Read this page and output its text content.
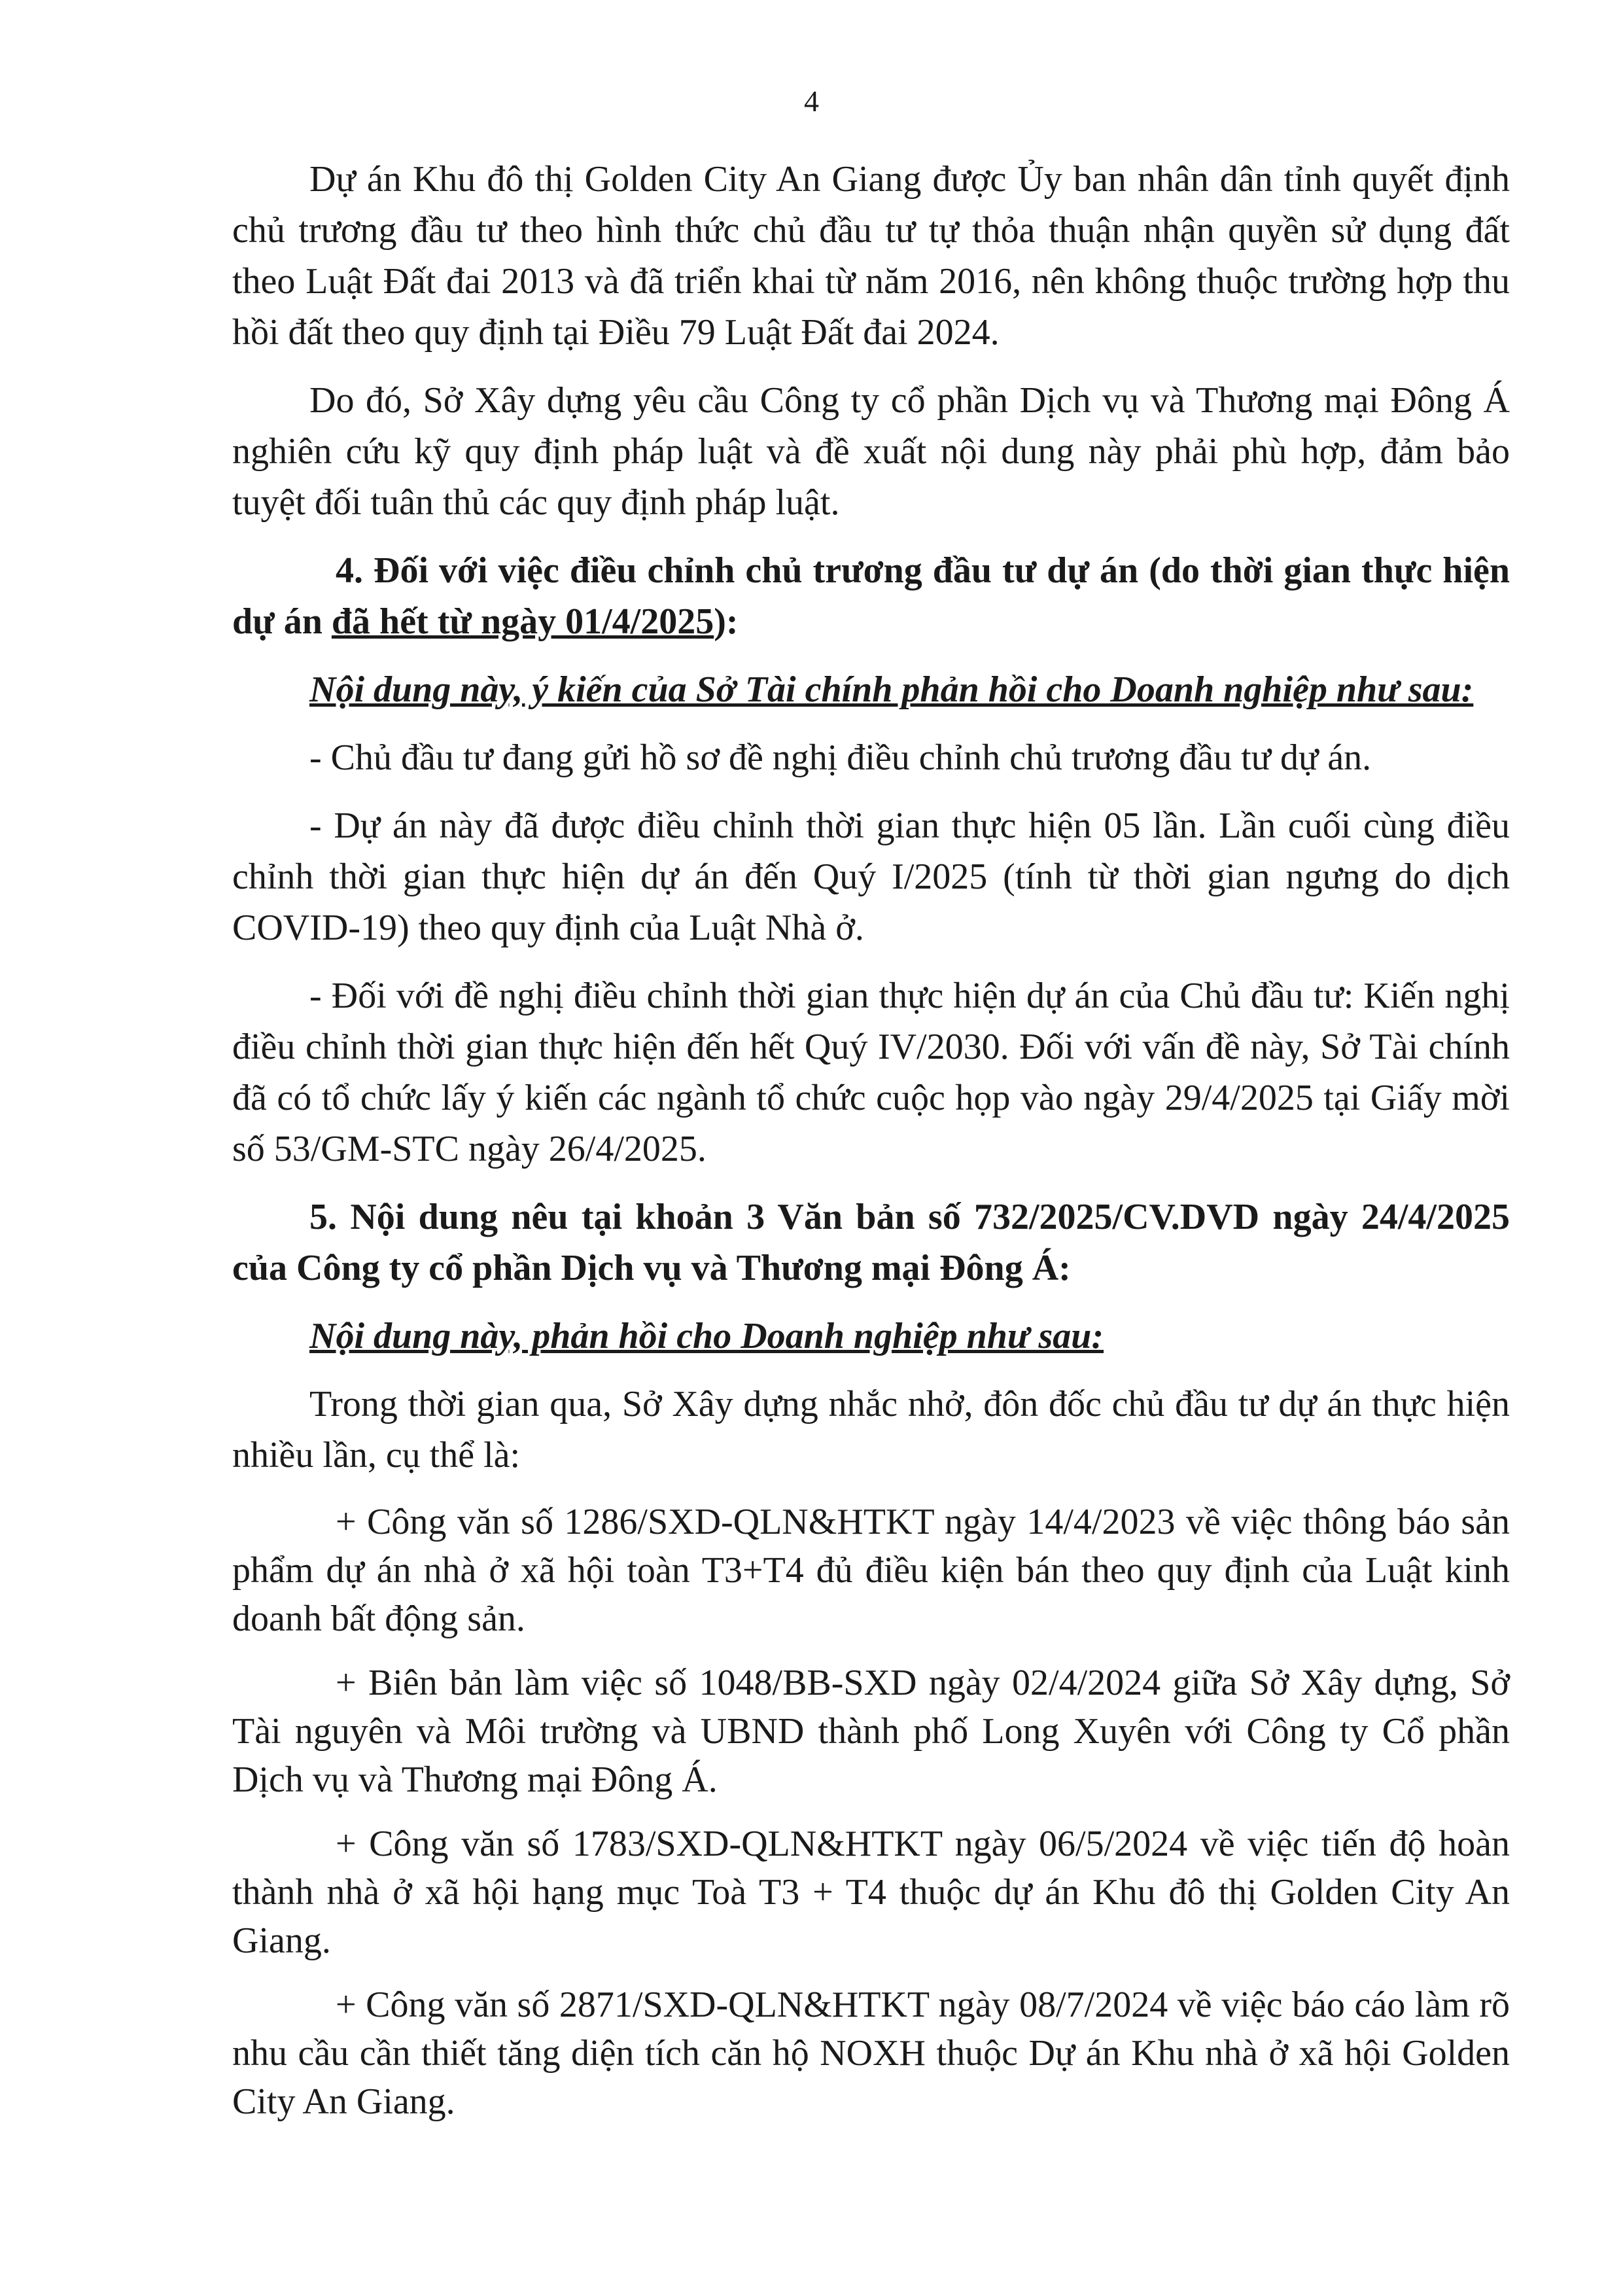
4

Dự án Khu đô thị Golden City An Giang được Ủy ban nhân dân tỉnh quyết định chủ trương đầu tư theo hình thức chủ đầu tư tự thỏa thuận nhận quyền sử dụng đất theo Luật Đất đai 2013 và đã triển khai từ năm 2016, nên không thuộc trường hợp thu hồi đất theo quy định tại Điều 79 Luật Đất đai 2024.

Do đó, Sở Xây dựng yêu cầu Công ty cổ phần Dịch vụ và Thương mại Đông Á nghiên cứu kỹ quy định pháp luật và đề xuất nội dung này phải phù hợp, đảm bảo tuyệt đối tuân thủ các quy định pháp luật.

4. Đối với việc điều chỉnh chủ trương đầu tư dự án (do thời gian thực hiện dự án đã hết từ ngày 01/4/2025):

Nội dung này, ý kiến của Sở Tài chính phản hồi cho Doanh nghiệp như sau:

- Chủ đầu tư đang gửi hồ sơ đề nghị điều chỉnh chủ trương đầu tư dự án.

- Dự án này đã được điều chỉnh thời gian thực hiện 05 lần. Lần cuối cùng điều chỉnh thời gian thực hiện dự án đến Quý I/2025 (tính từ thời gian ngưng do dịch COVID-19) theo quy định của Luật Nhà ở.

- Đối với đề nghị điều chỉnh thời gian thực hiện dự án của Chủ đầu tư: Kiến nghị điều chỉnh thời gian thực hiện đến hết Quý IV/2030. Đối với vấn đề này, Sở Tài chính đã có tổ chức lấy ý kiến các ngành tổ chức cuộc họp vào ngày 29/4/2025 tại Giấy mời số 53/GM-STC ngày 26/4/2025.

5. Nội dung nêu tại khoản 3 Văn bản số 732/2025/CV.DVD ngày 24/4/2025 của Công ty cổ phần Dịch vụ và Thương mại Đông Á:

Nội dung này, phản hồi cho Doanh nghiệp như sau:

Trong thời gian qua, Sở Xây dựng nhắc nhở, đôn đốc chủ đầu tư dự án thực hiện nhiều lần, cụ thể là:

+ Công văn số 1286/SXD-QLN&HTKT ngày 14/4/2023 về việc thông báo sản phẩm dự án nhà ở xã hội toàn T3+T4 đủ điều kiện bán theo quy định của Luật kinh doanh bất động sản.

+ Biên bản làm việc số 1048/BB-SXD ngày 02/4/2024 giữa Sở Xây dựng, Sở Tài nguyên và Môi trường và UBND thành phố Long Xuyên với Công ty Cổ phần Dịch vụ và Thương mại Đông Á.

+ Công văn số 1783/SXD-QLN&HTKT ngày 06/5/2024 về việc tiến độ hoàn thành nhà ở xã hội hạng mục Toà T3 + T4 thuộc dự án Khu đô thị Golden City An Giang.

+ Công văn số 2871/SXD-QLN&HTKT ngày 08/7/2024 về việc báo cáo làm rõ nhu cầu cần thiết tăng diện tích căn hộ NOXH thuộc Dự án Khu nhà ở xã hội Golden City An Giang.
